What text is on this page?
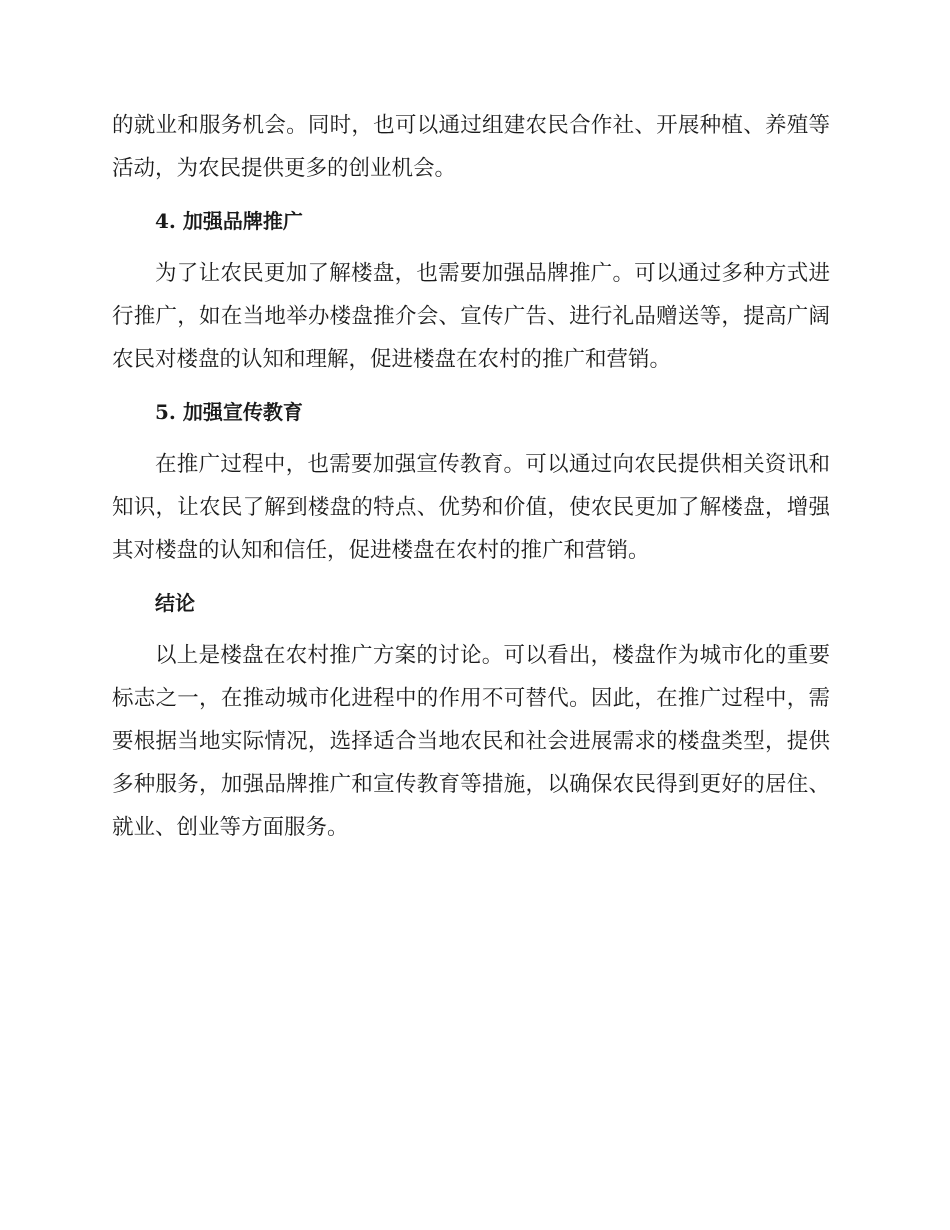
的就业和服务机会。同时，也可以通过组建农民合作社、开展种植、养殖等活动，为农民提供更多的创业机会。

4. 加强品牌推广

为了让农民更加了解楼盘，也需要加强品牌推广。可以通过多种方式进行推广，如在当地举办楼盘推介会、宣传广告、进行礼品赠送等，提高广阔农民对楼盘的认知和理解，促进楼盘在农村的推广和营销。

5. 加强宣传教育

在推广过程中，也需要加强宣传教育。可以通过向农民提供相关资讯和知识，让农民了解到楼盘的特点、优势和价值，使农民更加了解楼盘，增强其对楼盘的认知和信任，促进楼盘在农村的推广和营销。

结论

以上是楼盘在农村推广方案的讨论。可以看出，楼盘作为城市化的重要标志之一，在推动城市化进程中的作用不可替代。因此，在推广过程中，需要根据当地实际情况，选择适合当地农民和社会进展需求的楼盘类型，提供多种服务，加强品牌推广和宣传教育等措施，以确保农民得到更好的居住、就业、创业等方面服务。
